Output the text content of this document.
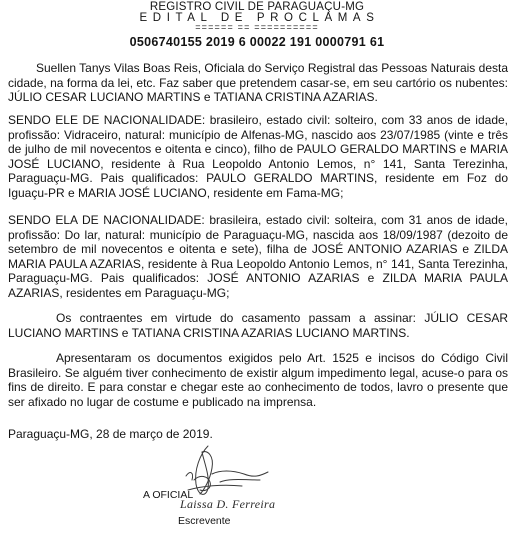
REGISTRO CIVIL DE PARAGUAÇU-MG
EDITAL DE PROCLAMAS
====== == ==========
0506740155 2019 6 00022 191 0000791 61

Suellen Tanys Vilas Boas Reis, Oficiala do Serviço Registral das Pessoas Naturais desta cidade, na forma da lei, etc. Faz saber que pretendem casar-se, em seu cartório os nubentes: JÚLIO CESAR LUCIANO MARTINS e TATIANA CRISTINA AZARIAS.

SENDO ELE DE NACIONALIDADE: brasileiro, estado civil: solteiro, com 33 anos de idade, profissão: Vidraceiro, natural: município de Alfenas-MG, nascido aos 23/07/1985 (vinte e três de julho de mil novecentos e oitenta e cinco), filho de PAULO GERALDO MARTINS e MARIA JOSÉ LUCIANO, residente à Rua Leopoldo Antonio Lemos, n° 141, Santa Terezinha, Paraguaçu-MG. Pais qualificados: PAULO GERALDO MARTINS, residente em Foz do Iguaçu-PR e MARIA JOSÉ LUCIANO, residente em Fama-MG;

SENDO ELA DE NACIONALIDADE: brasileira, estado civil: solteira, com 31 anos de idade, profissão: Do lar, natural: município de Paraguaçu-MG, nascida aos 18/09/1987 (dezoito de setembro de mil novecentos e oitenta e sete), filha de JOSÉ ANTONIO AZARIAS e ZILDA MARIA PAULA AZARIAS, residente à Rua Leopoldo Antonio Lemos, n° 141, Santa Terezinha, Paraguaçu-MG. Pais qualificados: JOSÉ ANTONIO AZARIAS e ZILDA MARIA PAULA AZARIAS, residentes em Paraguaçu-MG;

Os contraentes em virtude do casamento passam a assinar: JÚLIO CESAR LUCIANO MARTINS e TATIANA CRISTINA AZARIAS LUCIANO MARTINS.

Apresentaram os documentos exigidos pelo Art. 1525 e incisos do Código Civil Brasileiro. Se alguém tiver conhecimento de existir algum impedimento legal, acuse-o para os fins de direito. E para constar e chegar este ao conhecimento de todos, lavro o presente que ser afixado no lugar de costume e publicado na imprensa.

Paraguaçu-MG, 28 de março de 2019.
A OFICIAL
Laissa D. Ferreira
Escrevente
